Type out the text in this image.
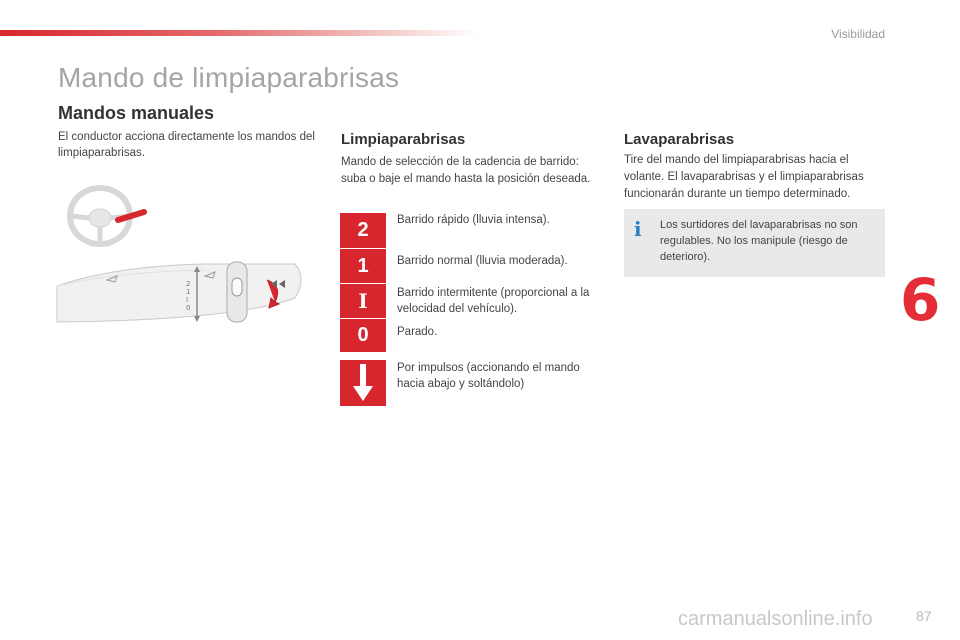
Visibilidad
Mando de limpiaparabrisas
Mandos manuales

El conductor acciona directamente los mandos del limpiaparabrisas.

2 1 I 0
Limpiaparabrisas

Mando de selección de la cadencia de barrido: suba o baje el mando hasta la posición deseada.

2	Barrido rápido (lluvia intensa).

1	Barrido normal (lluvia moderada).

I	Barrido intermitente (proporcional a la velocidad del vehículo).

0	Parado.

Por impulsos (accionando el mando hacia abajo y soltándolo)

Lavaparabrisas

Tire del mando del limpiaparabrisas hacia el volante. El lavaparabrisas y el limpiaparabrisas funcionarán durante un tiempo determinado.

i Los surtidores del lavaparabrisas no son regulables. No los manipule (riesgo de deterioro).

6
carmanualsonline.info	87
